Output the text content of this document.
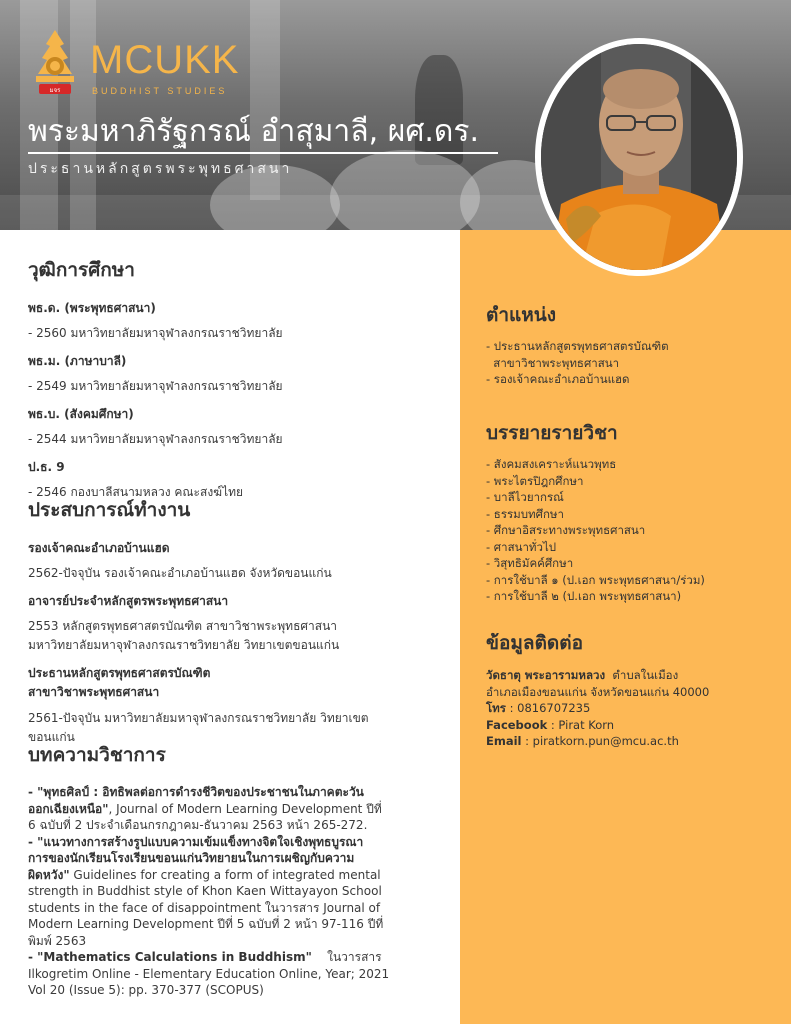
มจร
MCUKK
BUDDHIST STUDIES
พระมหาภิรัฐกรณ์ อำสุมาลี, ผศ.ดร.
ประธานหลักสูตรพระพุทธศาสนา
ตำแหน่ง
- ประธานหลักสูตรพุทธศาสตรบัณฑิต
สาขาวิชาพระพุทธศาสนา
- รองเจ้าคณะอำเภอบ้านแฮด
บรรยายรายวิชา
- สังคมสงเคราะห์แนวพุทธ
- พระไตรปิฎกศึกษา
- บาลีไวยากรณ์
- ธรรมบทศึกษา
- ศึกษาอิสระทางพระพุทธศาสนา
- ศาสนาทั่วไป
- วิสุทธิมัคค์ศึกษา
- การใช้บาลี ๑ (ป.เอก พระพุทธศาสนา/ร่วม)
- การใช้บาลี ๒ (ป.เอก พระพุทธศาสนา)
ข้อมูลติดต่อ

วัดธาตุ พระอารามหลวง  ตำบลในเมือง

อำเภอเมืองขอนแก่น จังหวัดขอนแก่น 40000

โทร : 0816707235

Facebook : Pirat Korn

Email : piratkorn.pun@mcu.ac.th

วุฒิการศึกษา

พธ.ด. (พระพุทธศาสนา)

- 2560 มหาวิทยาลัยมหาจุฬาลงกรณราชวิทยาลัย

พธ.ม. (ภาษาบาลี)

- 2549 มหาวิทยาลัยมหาจุฬาลงกรณราชวิทยาลัย

พธ.บ. (สังคมศึกษา)

- 2544 มหาวิทยาลัยมหาจุฬาลงกรณราชวิทยาลัย

ป.ธ. 9

- 2546 กองบาลีสนามหลวง คณะสงฆ์ไทย

ประสบการณ์ทำงาน

รองเจ้าคณะอำเภอบ้านแฮด

2562-ปัจจุบัน รองเจ้าคณะอำเภอบ้านแฮด จังหวัดขอนแก่น

อาจารย์ประจำหลักสูตรพระพุทธศาสนา

2553 หลักสูตรพุทธศาสตรบัณฑิต สาขาวิชาพระพุทธศาสนา

มหาวิทยาลัยมหาจุฬาลงกรณราชวิทยาลัย วิทยาเขตขอนแก่น

ประธานหลักสูตรพุทธศาสตรบัณฑิต

สาขาวิชาพระพุทธศาสนา

2561-ปัจจุบัน มหาวิทยาลัยมหาจุฬาลงกรณราชวิทยาลัย วิทยาเขต

ขอนแก่น

บทความวิชาการ

- "พุทธศิลป์ : อิทธิพลต่อการดำรงชีวิตของประชาชนในภาคตะวัน

ออกเฉียงเหนือ", Journal of Modern Learning Development ปีที่

6 ฉบับที่ 2 ประจำเดือนกรกฎาคม-ธันวาคม 2563 หน้า 265-272.

- "แนวทางการสร้างรูปแบบความเข้มแข็งทางจิตใจเชิงพุทธบูรณา

การของนักเรียนโรงเรียนขอนแก่นวิทยายนในการเผชิญกับความ

ผิดหวัง" Guidelines for creating a form of integrated mental

strength in Buddhist style of Khon Kaen Wittayayon School

students in the face of disappointment ในวารสาร Journal of

Modern Learning Development ปีที่ 5 ฉบับที่ 2 หน้า 97-116 ปีที่

พิมพ์ 2563

- "Mathematics Calculations in Buddhism"    ในวารสาร

Ilkogretim Online - Elementary Education Online, Year; 2021

Vol 20 (Issue 5): pp. 370-377 (SCOPUS)
